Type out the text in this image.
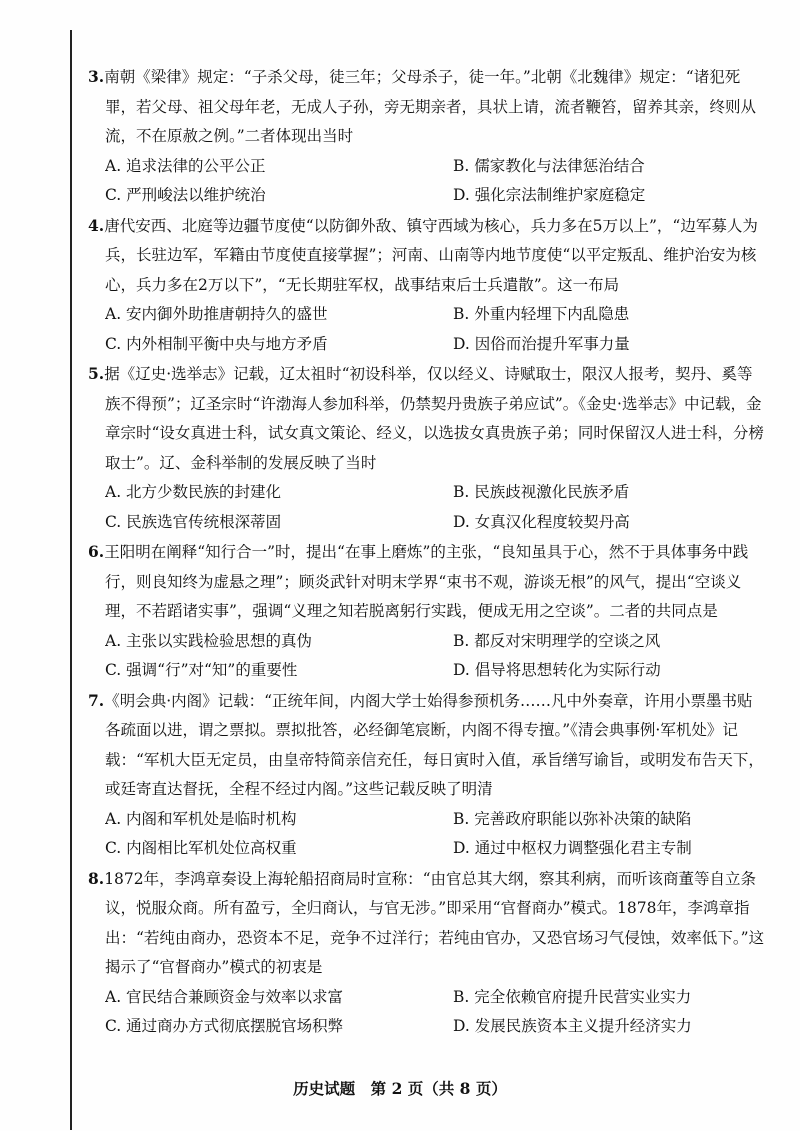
3.南朝《梁律》规定：“子杀父母，徒三年；父母杀子，徒一年。”北朝《北魏律》规定：“诸犯死罪，若父母、祖父母年老，无成人子孙，旁无期亲者，具状上请，流者鞭笞，留养其亲，终则从流，不在原赦之例。”二者体现出当时
A. 追求法律的公平公正	B. 儒家教化与法律惩治结合
C. 严刑峻法以维护统治	D. 强化宗法制维护家庭稳定
4.唐代安西、北庭等边疆节度使“以防御外敌、镇守西域为核心，兵力多在5万以上”，“边军募人为兵，长驻边军，军籍由节度使直接掌握”；河南、山南等内地节度使“以平定叛乱、维护治安为核心，兵力多在2万以下”，“无长期驻军权，战事结束后士兵遣散”。这一布局
A. 安内御外助推唐朝持久的盛世	B. 外重内轻埋下内乱隐患
C. 内外相制平衡中央与地方矛盾	D. 因俗而治提升军事力量
5.据《辽史·选举志》记载，辽太祖时“初设科举，仅以经义、诗赋取士，限汉人报考，契丹、奚等族不得预”；辽圣宗时“许渤海人参加科举，仍禁契丹贵族子弟应试”。《金史·选举志》中记载，金章宗时“设女真进士科，试女真文策论、经义，以选拔女真贵族子弟；同时保留汉人进士科，分榜取士”。辽、金科举制的发展反映了当时
A. 北方少数民族的封建化	B. 民族歧视激化民族矛盾
C. 民族选官传统根深蒂固	D. 女真汉化程度较契丹高
6.王阳明在阐释“知行合一”时，提出“在事上磨炼”的主张，“良知虽具于心，然不于具体事务中践行，则良知终为虚悬之理”；顾炎武针对明末学界“束书不观，游谈无根”的风气，提出“空谈义理，不若蹈诸实事”，强调“义理之知若脱离躬行实践，便成无用之空谈”。二者的共同点是
A. 主张以实践检验思想的真伪	B. 都反对宋明理学的空谈之风
C. 强调“行”对“知”的重要性	D. 倡导将思想转化为实际行动
7.《明会典·内阁》记载：“正统年间，内阁大学士始得参预机务……凡中外奏章，许用小票墨书贴各疏面以进，谓之票拟。票拟批答，必经御笔宸断，内阁不得专擅。”《清会典事例·军机处》记载：“军机大臣无定员，由皇帝特简亲信充任，每日寅时入值，承旨缮写谕旨，或明发布告天下，或廷寄直达督抚，全程不经过内阁。”这些记载反映了明清
A. 内阁和军机处是临时机构	B. 完善政府职能以弥补决策的缺陷
C. 内阁相比军机处位高权重	D. 通过中枢权力调整强化君主专制
8.1872年，李鸿章奏设上海轮船招商局时宣称：“由官总其大纲，察其利病，而听该商董等自立条议，悦服众商。所有盈亏，全归商认，与官无涉。”即采用“官督商办”模式。1878年，李鸿章指出：“若纯由商办，恐资本不足，竞争不过洋行；若纯由官办，又恐官场习气侵蚀，效率低下。”这揭示了“官督商办”模式的初衷是
A. 官民结合兼顾资金与效率以求富	B. 完全依赖官府提升民营实业实力
C. 通过商办方式彻底摆脱官场积弊	D. 发展民族资本主义提升经济实力
历史试题　第 2 页（共 8 页）
